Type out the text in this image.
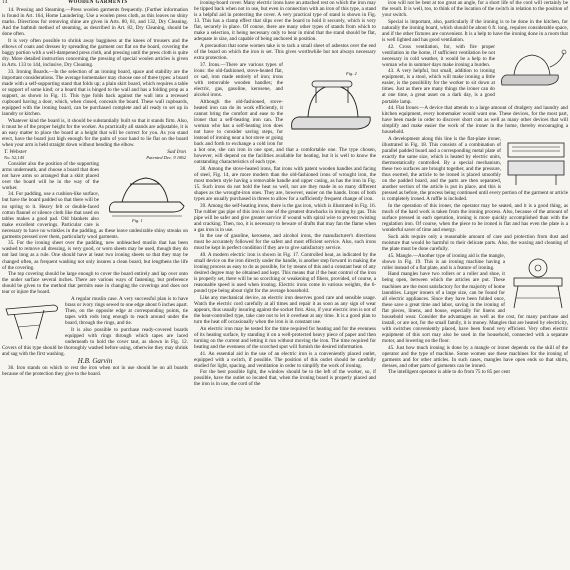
14	WOODEN GARMENTS

14. Pressing and Steaming.—Press woolen garments frequently. (Further information is found in Art. 164, Home Laundering. Use a woolen press cloth, as this leaves no shiny marks. Directions for removing shine are given in Arts. 80, 81, and 132, Dry Cleaning. And the bathtub method of steaming, as described in Art. 82, Dry Cleaning, should be done often.

It is very often possible to shrink away bagginess at the knees of trousers and the elbows of coats and dresses by spreading the garment out flat on the board, covering the baggy portion with a well-dampened press cloth, and pressing until the press cloth is quite dry. More detailed instruction concerning the pressing of special woolen articles is given in Arts. 133 to 144, inclusive, Dry Cleaning.

33. Ironing Boards.—In the selection of an ironing board, space and stability are the important considerations. The average homemaker may choose one of three types: a board made with a self-supporting stand that folds up; a plain skirt board, which requires a table or support of some kind; or a board that is hinged to the wall and has a folding prop as a support, as shown in Fig. 11. This type folds back against the wall into a recessed cupboard having a door, which, when closed, conceals the board. These wall cupboards, equipped with the ironing board, can be purchased complete and all ready to set up in laundry or kitchen.

Whatever kind the board is, it should be substantially built so that it stands firm. Also, it must be of the proper height for the worker. As practically all stands are adjustable, it is an easy matter to place the board at a height that will be correct for you. As you stand erect, have the board just high enough for the palm of your hand to lie flat on the board when your arm is held straight down without bending the elbow.

T. Webster	Sad Iron
No. 52,145	Patented Dec. 9 1862
Fig. 1

Consider also the position of the supporting arms underneath, and choose a board that does not have arms so arranged that a skirt placed over the board will be in the way of the worker.

34. For padding, use a cushion-like surface, but have the board padded so that there will be no spring to it. Heavy felt or double-faced cotton flannel or silence cloth like that used on tables makes a good pad. Old blankets also make excellent coverings. Particular care is necessary to have no wrinkles in the padding, as these leave undesirable shiny streaks on garments pressed over them, particularly wool garments.

35. For the ironing sheet over the padding, new unbleached muslin that has been washed to remove all dressing, is very good, or worn sheets may be used, though they do not last long as a rule. One should have at least two ironing sheets so that they may be changed often, as frequent washing not only insures a clean board, but lengthens the life of the covering.

The top covering should be large enough to cover the board entirely and lap over onto the under surface several inches. There are various ways of fastening, but preference should be given to the method that permits ease in changing the coverings and does not tear or injure the board.

A regular muslin case. A very successful plan is to have brass or ivory rings sewed to one edge about 6 inches apart. Then, on the opposite edge at corresponding points, tie tapes with rods long enough to reach around under the board, through the rings, and tie.

It is also possible to purchase ready-covered boards equipped with rings through which tapes are laced underneath to hold the cover taut, as shown in Fig. 12. Covers of this type should be thoroughly washed before using, otherwise they may shrink and sag with the first washing.

H.B. Garvin

36. Iron stands on which to rest the iron when not in use should be on all boards because of the protection they give to the board.

ironing-board cover. Many electric irons have an attached rest on which the iron may be tipped back when not in use, but even in connection with an iron of this type, a stand is a helpful aid in protecting the cover. A very practical type of stand is shown in Fig. 13. This has a clamp effect that slips over the board to hold it securely, which is very flat, securely in place. Of course, there are many other types of stands from which to make a selection, it being necessary only to bear in mind that the stand should be flat, adequate in size, and capable of being anchored in position.

A precaution that some women take is to tack a small sheet of asbestos over the end of the board on which the iron is set. This gives worthwhile but not always necessary extra protection.

Fig. 2

37. Irons.—There are various types of irons: the old-fashioned, stove-heated flat, or sad, iron made entirely of iron; irons with removable wooden handles; the electric, gas, gasoline, kerosene, and alcohol irons.

Although the old-fashioned, stove-heated iron can do its work efficiently, it cannot bring the comfort and ease to the ironer that a self-heating iron can. The woman who has a self-heating iron does not have to consider saving steps, for instead of ironing near a hot stove or going back and forth to exchange a cold iron for a hot one, she can iron in one spot, and that a comfortable one. The type chosen, however, will depend on the facilities available for heating, but it is well to know the outstanding characteristics of each type.

38. Among the stove-heated irons, flat irons with patent wooden handles and facing of steel, Fig. 14, are more modern than the old-fashioned irons of wrought iron, the most modern style having a removable handle and upper casing, as has the iron in Fig. 15. Such irons do not hold the heat so well, nor are they made in so many different shapes as the wrought-iron ones. They are, however, easier on the hands. Irons of both types are usually purchased in threes to allow for a sufficiently frequent change of iron.

39. Among the self-heating irons, there is the gas iron, which is illustrated in Fig. 16. The rubber gas pipe of this iron is one of the greatest drawbacks in ironing by gas. This pipe will be safer and give greater service if wound with spiral wire to prevent twisting and cracking. Then, too, it is necessary to beware of drafts that may fan the flame when a gas iron is in use.

In the use of gasoline, kerosene, and alcohol irons, the manufacturer's directions must be accurately followed for the safest and most efficient service. Also, such irons must be kept in perfect condition if they are to give satisfactory service.

40. A modern electric iron is shown in Fig. 17. Controlled heat, as indicated by the small device on the iron directly under the handle, is another step forward in making the ironing process as easy to do as possible, for by means of this and a constant heat of any desired degree may be obtained and kept. This means that if the heat control of the iron is properly set, there will be no scorching or weakening of fibers, provided, of course, a reasonable speed is used when ironing. Electric irons come in various weights, the 6-pound type being about right for the average household.

Like any mechanical device, an electric iron deserves good care and sensible usage. Watch the electric cord carefully at all times and repair it as soon as any sign of wear appears, thus usually insuring against the socket first. Also, if your electric iron is not of the heat-controlled type, take care not to let it overheat at any time. It is a good plan to turn the heat off occasionally when the iron is in constant use.

An electric iron may be tested for the time required for heating and for the evenness of its heating surface, by standing it on a well-protected heavy piece of paper and then turning on the current and letting it run without moving the iron. The time required for heating and the evenness of the scorched spot will furnish the desired information.

41. An essential aid in the use of an electric iron is a conveniently placed outlet, equipped with a switch, if possible. The position of this outlet should be carefully studied for light, spacing, and ventilation in order to simplify the work of ironing.

For the best possible light, the window should be to the left of the worker, so, if possible, have the outlet so located that, when the ironing board is properly placed and the iron is in use, the cord of the

iron will not be bent at too great an angle, for a short life of the cord will certainly be the result. It is well, too, to think of the location of the switch in relation to the position of your switch.

Special is important, also, particularly if the ironing is to be done in the kitchen, for naturally the ironing board, which should be about 6 ft. long, requires considerable space, and if the other fixtures are convenient. It is a help to have the ironing done in a room that is well lighted and has good ventilation.

42. Cross ventilation, for, with fire proper ventilation in the home, if sufficient ventilation be not necessary in cold weather, it would be a help to the woman who in summer days make ironing a burden.

43. A very helpful, but small, addition to ironing equipment, is a stool, which will make ironing a little easier, is the possibility for the worker to sit down at times. Just as there are many things the ironer can do at one time, a great asset on a dark day, is a good portable lamp.

44. Flat Ironer.—A device that attends to a large amount of drudgery and laundry and kitchen equipment, every homemaker would want one. These devices, for the most part, have been made in order to discover short cuts as well as many other devices that will simplify and make easier the work of the ironer in the home, thereby encouraging a household.

A development along this line is the flat-plate ironer, illustrated in Fig. 18. This consists of a combination of parallel padded board and a corresponding metal plate of exactly the same size, which is heated by electric units, thermostatically controlled. By a special mechanism, these two surfaces are brought together, and the pressure, thus exerted, the article to be ironed is placed smoothly on the padded board, and the parts are then separated, another section of the article is put in place, and this is pressed as before, the process being continued until every portion of the garment or article is completely ironed. A ruffle is included.

In the operation of this ironer, the operator may be seated, and it is a good thing, as much of the hard work is taken from the ironing process. Also, because of the amount of surface pressed in each operation, ironing is more quickly accomplished than with the regulation iron. Of course, when the piece to be ironed is flat and has even the plate is a wonderful saver of time and energy.

Such aids require only a reasonable amount of care and protection from dust and moisture that would be harmful to their delicate parts. Also, the waxing and cleaning of the plate must be done carefully.

45. Mangle.—Another type of ironing aid is the mangle, shown in Fig. 19. This is an ironing machine having a roller instead of a flat plate, and is a feature of ironing.

Hand mangles have two rollers or a roller and shoe, it being open, between which the articles are put. These machines are the most satisfactory for the majority of home laundries. Larger ironers of a large size, can be found for all electric appliances. Since they have been folded once, these save a great time and labor, saving in the ironing of flat pieces, linens, and house, especially for linens and household wear. Consider the advantages as well as the cost, for many purchase and install, or are not, for the small family, it is money. Mangles that are heated by electricity, with switches conveniently placed, have been found very efficient. Very often electric equipment of this sort may also be used in the household, connected with a separate motor, and lowering on the floor.

45. Just how much ironing is done by a mangle or ironer depends on the skill of the operator and the type of machine. Some women use these machines for the ironing of garments and for other articles. In such cases, mangles have open ends so that shirts, dresses, and other parts of garments can be ironed.

The intelligent operator is able to do from 75 to 85 per cent
